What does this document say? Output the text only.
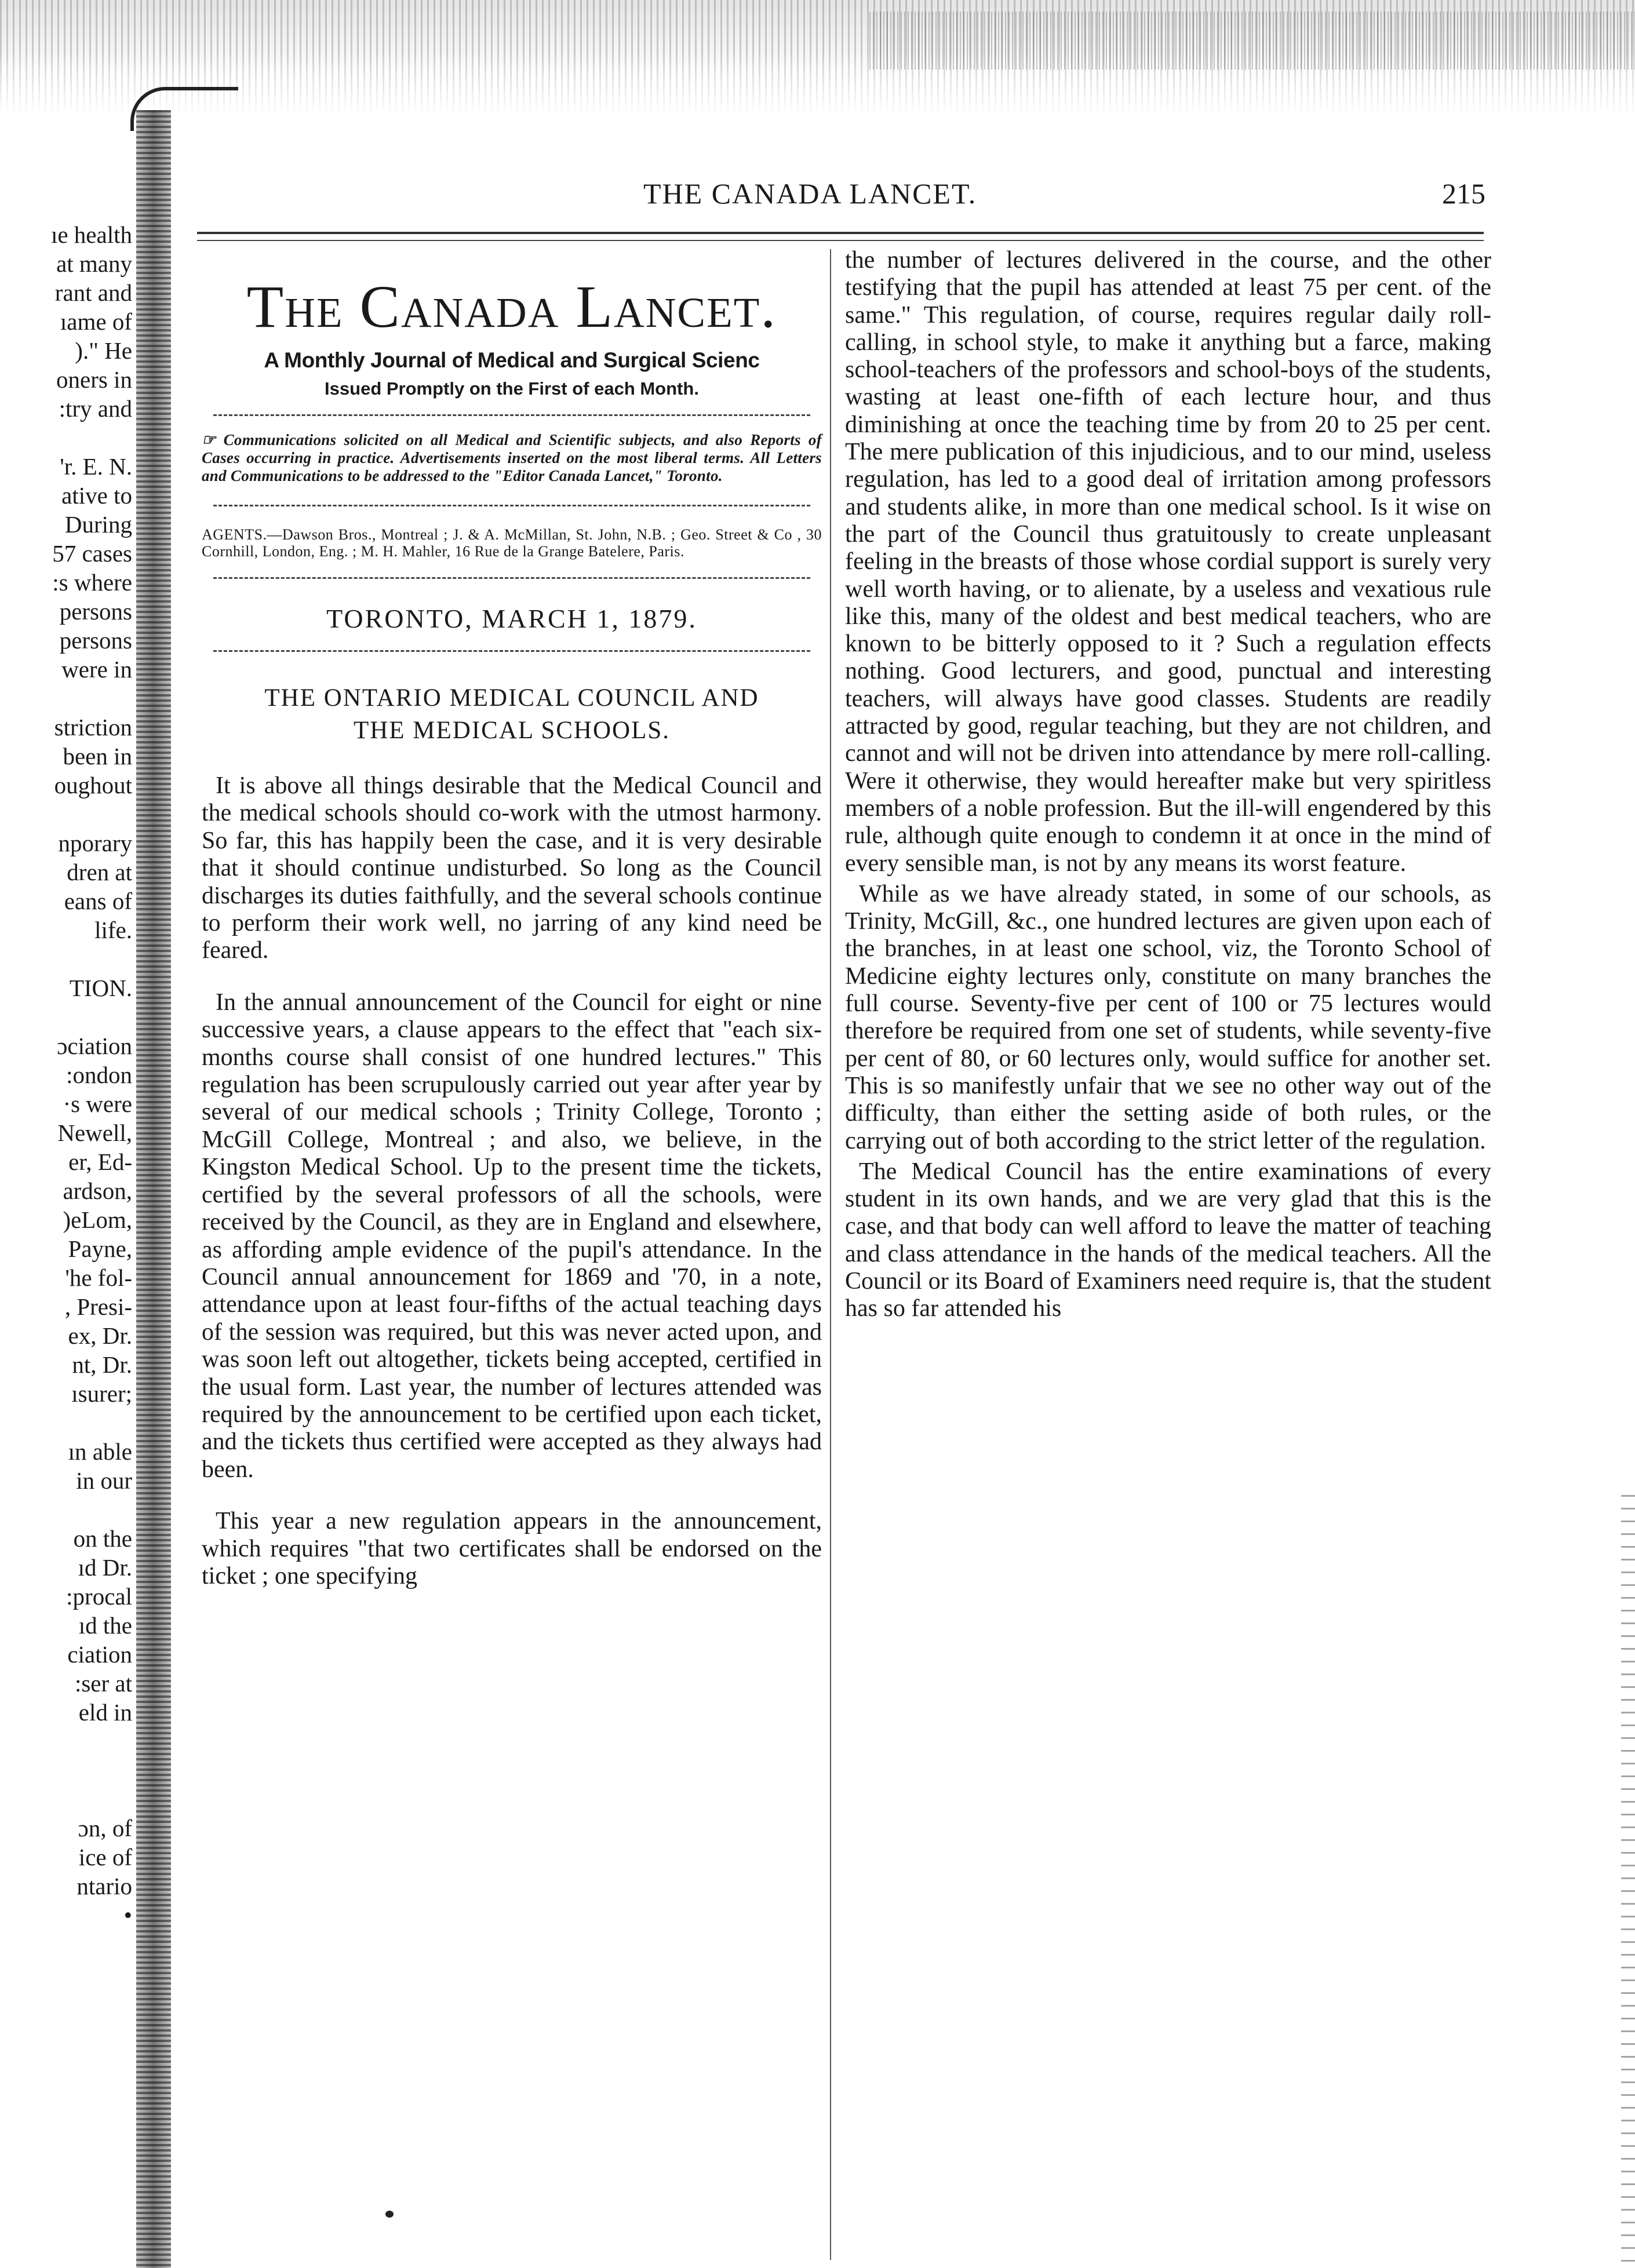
ıe health
at many
rant and
ıame of
)." He
oners in
:try and
'r. E. N.
ative to
During
57 cases
:s where
persons
persons
were in
striction
been in
oughout
nporary
dren at
eans of
life.
TION.
ɔciation
:ondon
·s were
Newell,
er, Ed-
ardson,
)eLom,
Payne,
'he fol-
, Presi-
ex, Dr.
nt, Dr.
ısurer;
ın able
in our
on the
ıd Dr.
:procal
ıd the
ciation
:ser at
eld in
ɔn, of
ice of
ntario
•
THE CANADA LANCET.	215
The Canada Lancet.
A Monthly Journal of Medical and Surgical Scienc
Issued Promptly on the First of each Month.
☞ Communications solicited on all Medical and Scientific subjects, and also Reports of Cases occurring in practice. Advertisements inserted on the most liberal terms. All Letters and Communications to be addressed to the "Editor Canada Lancet," Toronto.
AGENTS.—Dawson Bros., Montreal ; J. & A. McMillan, St. John, N.B. ; Geo. Street & Co , 30 Cornhill, London, Eng. ; M. H. Mahler, 16 Rue de la Grange Batelere, Paris.
TORONTO, MARCH 1, 1879.
THE ONTARIO MEDICAL COUNCIL AND
THE MEDICAL SCHOOLS.

It is above all things desirable that the Medical Council and the medical schools should co-work with the utmost harmony. So far, this has happily been the case, and it is very desirable that it should continue undisturbed. So long as the Council discharges its duties faithfully, and the several schools continue to perform their work well, no jarring of any kind need be feared.

In the annual announcement of the Council for eight or nine successive years, a clause appears to the effect that "each six-months course shall consist of one hundred lectures." This regulation has been scrupulously carried out year after year by several of our medical schools ; Trinity College, Toronto ; McGill College, Montreal ; and also, we believe, in the Kingston Medical School. Up to the present time the tickets, certified by the several professors of all the schools, were received by the Council, as they are in England and elsewhere, as affording ample evidence of the pupil's attendance. In the Council annual announcement for 1869 and '70, in a note, attendance upon at least four-fifths of the actual teaching days of the session was required, but this was never acted upon, and was soon left out altogether, tickets being accepted, certified in the usual form. Last year, the number of lectures attended was required by the announcement to be certified upon each ticket, and the tickets thus certified were accepted as they always had been.

This year a new regulation appears in the announcement, which requires "that two certificates shall be endorsed on the ticket ; one specifying

the number of lectures delivered in the course, and the other testifying that the pupil has attended at least 75 per cent. of the same." This regulation, of course, requires regular daily roll-calling, in school style, to make it anything but a farce, making school-teachers of the professors and school-boys of the students, wasting at least one-fifth of each lecture hour, and thus diminishing at once the teaching time by from 20 to 25 per cent. The mere publication of this injudicious, and to our mind, useless regulation, has led to a good deal of irritation among professors and students alike, in more than one medical school. Is it wise on the part of the Council thus gratuitously to create unpleasant feeling in the breasts of those whose cordial support is surely very well worth having, or to alienate, by a useless and vexatious rule like this, many of the oldest and best medical teachers, who are known to be bitterly opposed to it ? Such a regulation effects nothing. Good lecturers, and good, punctual and interesting teachers, will always have good classes. Students are readily attracted by good, regular teaching, but they are not children, and cannot and will not be driven into attendance by mere roll-calling. Were it otherwise, they would hereafter make but very spiritless members of a noble profession. But the ill-will engendered by this rule, although quite enough to condemn it at once in the mind of every sensible man, is not by any means its worst feature.

While as we have already stated, in some of our schools, as Trinity, McGill, &c., one hundred lectures are given upon each of the branches, in at least one school, viz, the Toronto School of Medicine eighty lectures only, constitute on many branches the full course. Seventy-five per cent of 100 or 75 lectures would therefore be required from one set of students, while seventy-five per cent of 80, or 60 lectures only, would suffice for another set. This is so manifestly unfair that we see no other way out of the difficulty, than either the setting aside of both rules, or the carrying out of both according to the strict letter of the regulation.

The Medical Council has the entire examinations of every student in its own hands, and we are very glad that this is the case, and that body can well afford to leave the matter of teaching and class attendance in the hands of the medical teachers. All the Council or its Board of Examiners need require is, that the student has so far attended his
